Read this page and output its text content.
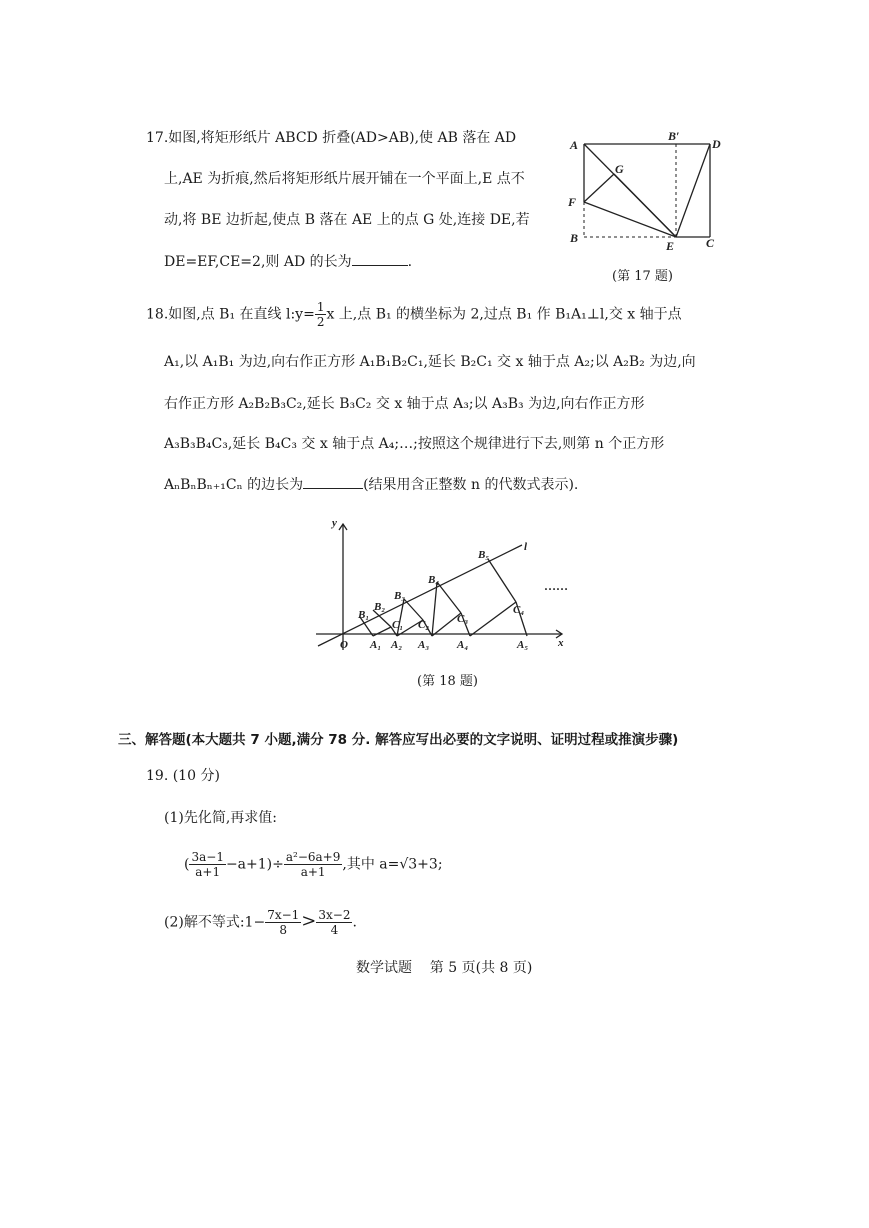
17.如图,将矩形纸片 ABCD 折叠(AD>AB),使 AB 落在 AD
上,AE 为折痕,然后将矩形纸片展开铺在一个平面上,E 点不
动,将 BE 边折起,使点 B 落在 AE 上的点 G 处,连接 DE,若
DE=EF,CE=2,则 AD 的长为	.
A
B′
D
G
F
B
E	C
(第 17 题)
18.如图,点 B₁ 在直线 l:y= $\frac{1}{2}$ x 上,点 B₁ 的横坐标为 2,过点 B₁ 作 B₁A₁⊥l,交 x 轴于点
A₁,以 A₁B₁ 为边,向右作正方形 A₁B₁B₂C₁,延长 B₂C₁ 交 x 轴于点 A₂;以 A₂B₂ 为边,向
右作正方形 A₂B₂B₃C₂,延长 B₃C₂ 交 x 轴于点 A₃;以 A₃B₃ 为边,向右作正方形
A₃B₃B₄C₃,延长 B₄C₃ 交 x 轴于点 A₄;…;按照这个规律进行下去,则第 n 个正方形
AₙBₙBₙ₊₁Cₙ 的边长为	(结果用含正整数 n 的代数式表示).
y
x
O
l
B₁
B₂
B₃
B₄
B₅
C₁ C₂	C₃
C₄
A₁ A₂ A₃	A₄	A₅
……
(第 18 题)
三、解答题(本大题共 7 小题,满分 78 分. 解答应写出必要的文字说明、证明过程或推演步骤)
19. (10 分)
(1)先化简,再求值:
( $\frac{3a-1}{a+1} -a+1)\div \frac{\text{a²−6a+9}}{a+1}$ ,其中 a=√3+3;
(2)解不等式:1− $\frac{7x-1}{8} > \frac{3x-2}{4}$ .
数学试题    第 5 页(共 8 页)
